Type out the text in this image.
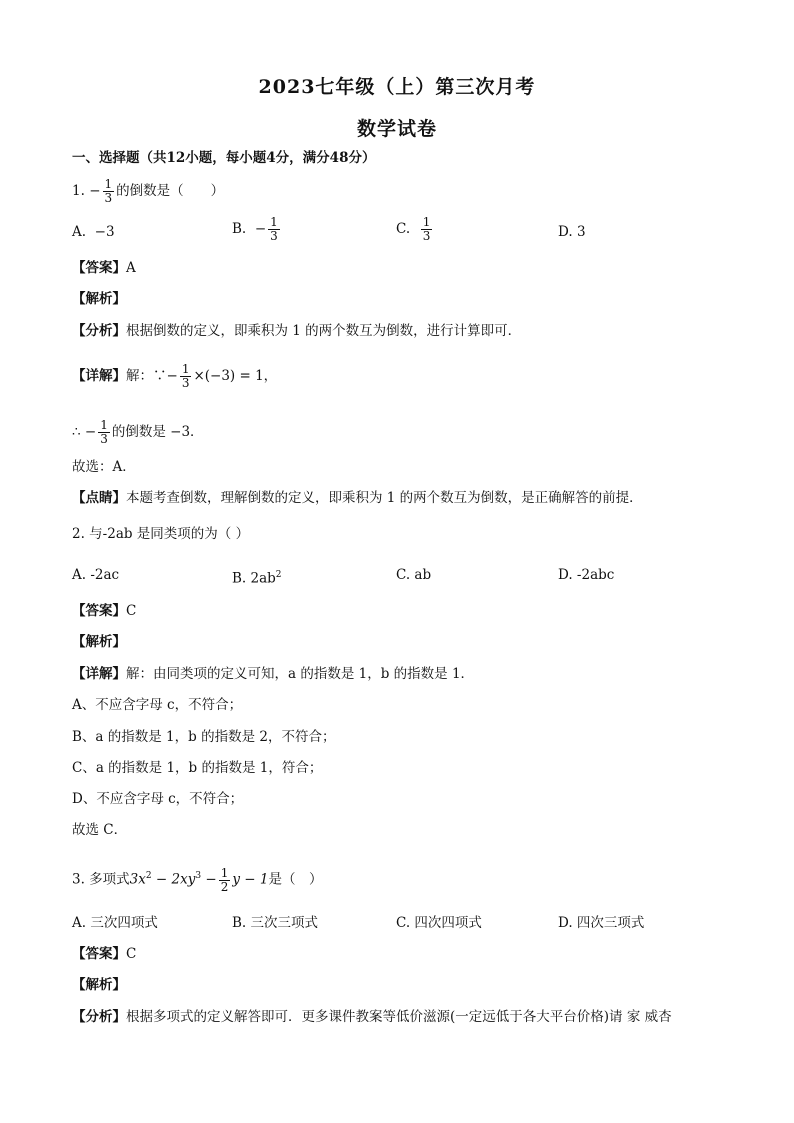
2023七年级（上）第三次月考
数学试卷
一、选择题（共12小题，每小题4分，满分48分）
1. − $\frac{1}{3}$ 的倒数是（　　）
A. −3	B. − $\frac{1}{3}$	C. $\frac{1}{3}$	D. 3
【答案】A
【解析】
【分析】根据倒数的定义，即乘积为 1 的两个数互为倒数，进行计算即可．
【详解】解：∵− $\frac{1}{3} \times(-3) = 1$，
∴ − $\frac{1}{3}$ 的倒数是 −3．
故选：A．
【点睛】本题考查倒数，理解倒数的定义，即乘积为 1 的两个数互为倒数，是正确解答的前提．
2. 与-2ab 是同类项的为（ ）
A. -2ac	B. $2ab^2$	C. ab	D. -2abc
【答案】C
【解析】
【详解】解：由同类项的定义可知，a 的指数是 1，b 的指数是 1．
A、不应含字母 c，不符合；
B、a 的指数是 1，b 的指数是 2，不符合；
C、a 的指数是 1，b 的指数是 1，符合；
D、不应含字母 c，不符合；
故选 C．
3. 多项式$3x^2 - 2xy^3 - \frac{1}{2}$ y − 1是（　）
A. 三次四项式	B. 三次三项式	C. 四次四项式	D. 四次三项式
【答案】C
【解析】
【分析】根据多项式的定义解答即可．更多课件教案等低价滋源(一定远低于各大平台价格)请 家 威杏
